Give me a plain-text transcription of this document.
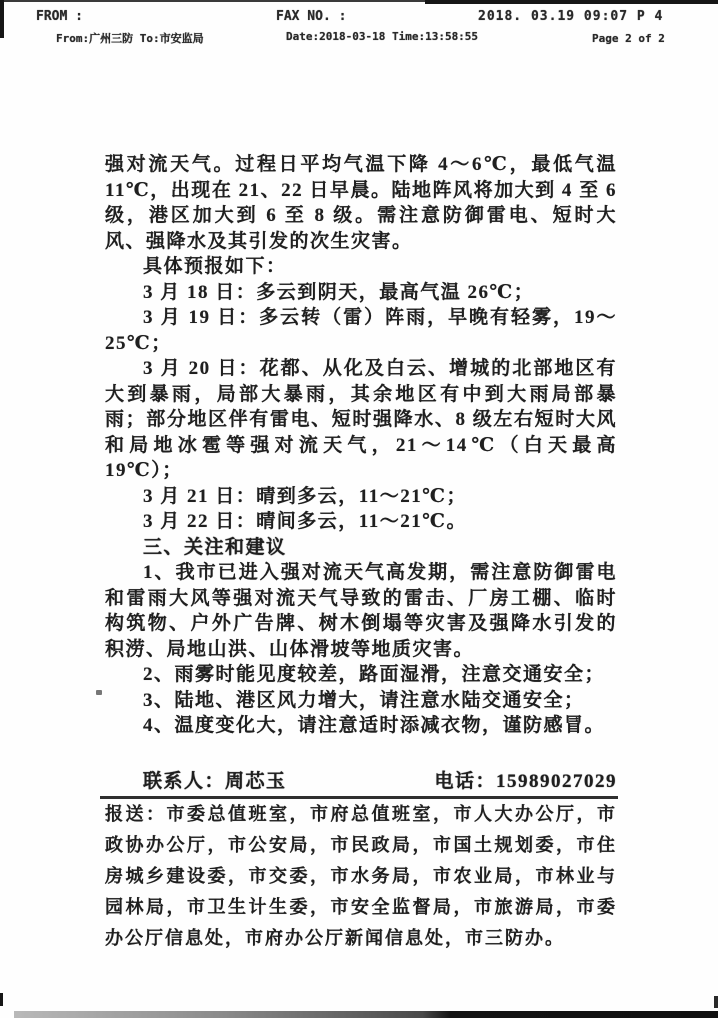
FROM :	FAX NO. :	2018. 03.19 09:07 P 4
From:广州三防 To:市安监局	Date:2018-03-18 Time:13:58:55	Page 2 of 2

强对流天气。过程日平均气温下降 4～6℃，最低气温 11℃，出现在 21、22 日早晨。陆地阵风将加大到 4 至 6 级，港区加大到 6 至 8 级。需注意防御雷电、短时大风、强降水及其引发的次生灾害。

具体预报如下：

3 月 18 日：多云到阴天，最高气温 26℃；

3 月 19 日：多云转（雷）阵雨，早晚有轻雾，19～25℃；

3 月 20 日：花都、从化及白云、增城的北部地区有大到暴雨，局部大暴雨，其余地区有中到大雨局部暴雨；部分地区伴有雷电、短时强降水、8 级左右短时大风和局地冰雹等强对流天气，21～14℃（白天最高 19℃）；

3 月 21 日：晴到多云，11～21℃；

3 月 22 日：晴间多云，11～21℃。

三、关注和建议

1、我市已进入强对流天气高发期，需注意防御雷电和雷雨大风等强对流天气导致的雷击、厂房工棚、临时构筑物、户外广告牌、树木倒塌等灾害及强降水引发的积涝、局地山洪、山体滑坡等地质灾害。

2、雨雾时能见度较差，路面湿滑，注意交通安全；

3、陆地、港区风力增大，请注意水陆交通安全；

4、温度变化大，请注意适时添减衣物，谨防感冒。

联系人：周芯玉	电话：15989027029

报送：市委总值班室，市府总值班室，市人大办公厅，市政协办公厅，市公安局，市民政局，市国土规划委，市住房城乡建设委，市交委，市水务局，市农业局，市林业与园林局，市卫生计生委，市安全监督局，市旅游局，市委办公厅信息处，市府办公厅新闻信息处，市三防办。
